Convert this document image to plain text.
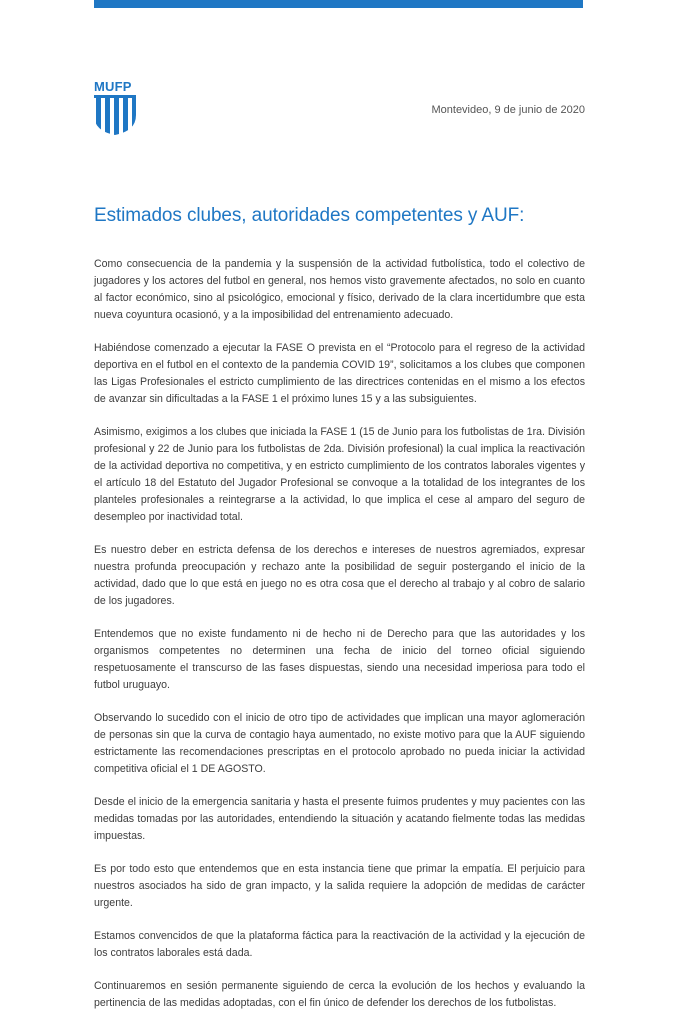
MUFP
Montevideo, 9 de junio de 2020
Estimados clubes, autoridades competentes y AUF:

Como consecuencia de la pandemia y la suspensión de la actividad futbolística, todo el colectivo de jugadores y los actores del futbol en general, nos hemos visto gravemente afectados, no solo en cuanto al factor económico, sino al psicológico, emocional y físico, derivado de la clara incertidumbre que esta nueva coyuntura ocasionó, y a la imposibilidad del entrenamiento adecuado.

Habiéndose comenzado a ejecutar la FASE O prevista en el “Protocolo para el regreso de la actividad deportiva en el futbol en el contexto de la pandemia COVID 19”, solicitamos a los clubes que componen las Ligas Profesionales el estricto cumplimiento de las directrices contenidas en el mismo a los efectos de avanzar sin dificultadas a la FASE 1 el próximo lunes 15 y a las subsiguientes.

Asimismo, exigimos a los clubes que iniciada la FASE 1 (15 de Junio para los futbolistas de 1ra. División profesional y 22 de Junio para los futbolistas de 2da. División profesional) la cual implica la reactivación de la actividad deportiva no competitiva, y en estricto cumplimiento de los contratos laborales vigentes y el artículo 18 del Estatuto del Jugador Profesional se convoque a la totalidad de los integrantes de los planteles profesionales a reintegrarse a la actividad, lo que implica el cese al amparo del seguro de desempleo por inactividad total.

Es nuestro deber en estricta defensa de los derechos e intereses de nuestros agremiados, expresar nuestra profunda preocupación y rechazo ante la posibilidad de seguir postergando el inicio de la actividad, dado que lo que está en juego no es otra cosa que el derecho al trabajo y al cobro de salario de los jugadores.

Entendemos que no existe fundamento ni de hecho ni de Derecho para que las autoridades y los organismos competentes no determinen una fecha de inicio del torneo oficial siguiendo respetuosamente el transcurso de las fases dispuestas, siendo una necesidad imperiosa para todo el futbol uruguayo.

Observando lo sucedido con el inicio de otro tipo de actividades que implican una mayor aglomeración de personas sin que la curva de contagio haya aumentado, no existe motivo para que la AUF siguiendo estrictamente las recomendaciones prescriptas en el protocolo aprobado no pueda iniciar la actividad competitiva oficial el 1 DE AGOSTO.

Desde el inicio de la emergencia sanitaria y hasta el presente fuimos prudentes y muy pacientes con las medidas tomadas por las autoridades, entendiendo la situación y acatando fielmente todas las medidas impuestas.

Es por todo esto que entendemos que en esta instancia tiene que primar la empatía. El perjuicio para nuestros asociados ha sido de gran impacto, y la salida requiere la adopción de medidas de carácter urgente.

Estamos convencidos de que la plataforma fáctica para la reactivación de la actividad y la ejecución de los contratos laborales está dada.

Continuaremos en sesión permanente siguiendo de cerca la evolución de los hechos y evaluando la pertinencia de las medidas adoptadas, con el fin único de defender los derechos de los futbolistas.
